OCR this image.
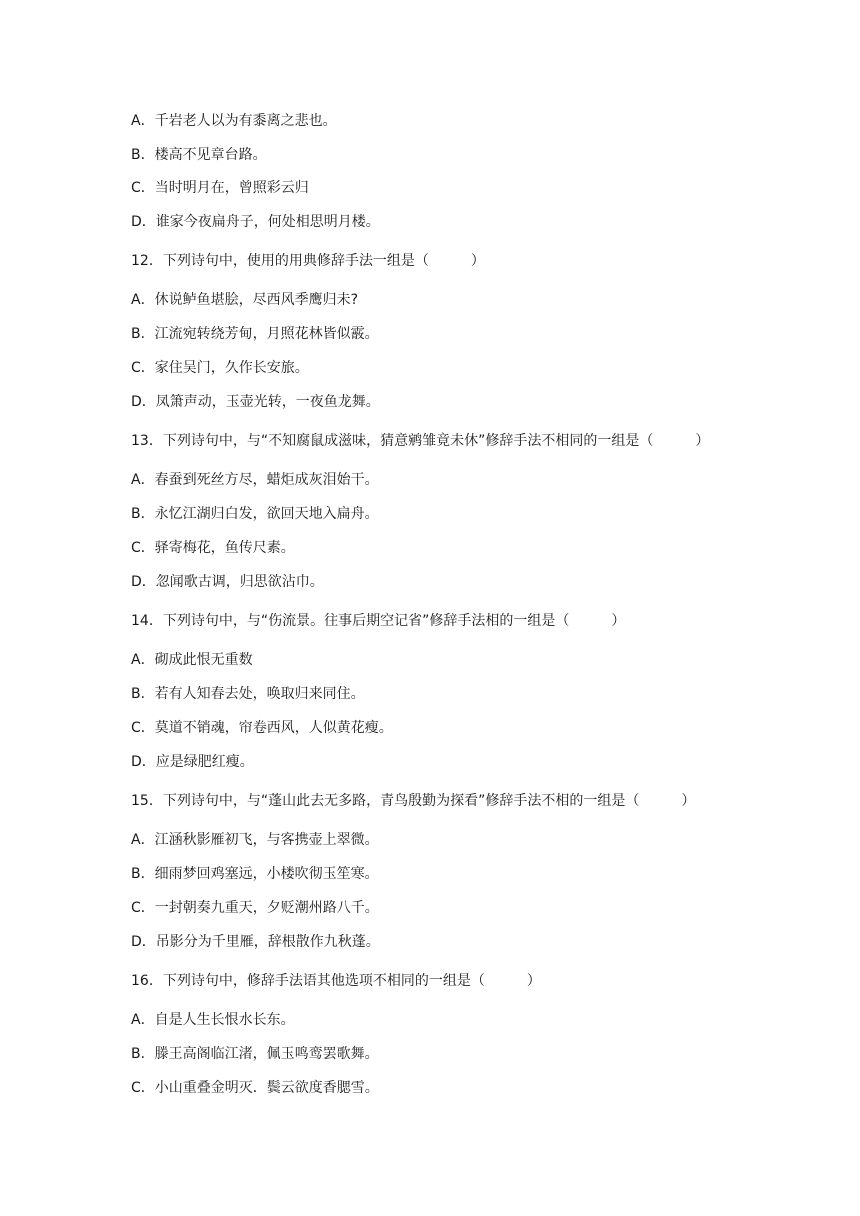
A．千岩老人以为有黍离之悲也。
B．楼高不见章台路。
C．当时明月在，曾照彩云归
D．谁家今夜扁舟子，何处相思明月楼。
12．下列诗句中，使用的用典修辞手法一组是（　　　）
A．休说鲈鱼堪脍，尽西风季鹰归未?
B．江流宛转绕芳甸，月照花林皆似霰。
C．家住吴门，久作长安旅。
D．凤箫声动，玉壶光转，一夜鱼龙舞。
13．下列诗句中，与“不知腐鼠成滋味，猜意鹓雏竟未休”修辞手法不相同的一组是（　　　）
A．春蚕到死丝方尽，蜡炬成灰泪始干。
B．永忆江湖归白发，欲回天地入扁舟。
C．驿寄梅花，鱼传尺素。
D．忽闻歌古调，归思欲沾巾。
14．下列诗句中，与“伤流景。往事后期空记省”修辞手法相的一组是（　　　）
A．砌成此恨无重数
B．若有人知春去处，唤取归来同住。
C．莫道不销魂，帘卷西风，人似黄花瘦。
D．应是绿肥红瘦。
15．下列诗句中，与“蓬山此去无多路，青鸟殷勤为探看”修辞手法不相的一组是（　　　）
A．江涵秋影雁初飞，与客携壶上翠微。
B．细雨梦回鸡塞远，小楼吹彻玉笙寒。
C．一封朝奏九重天，夕贬潮州路八千。
D．吊影分为千里雁，辞根散作九秋蓬。
16．下列诗句中，修辞手法语其他选项不相同的一组是（　　　）
A．自是人生长恨水长东。
B．滕王高阁临江渚，佩玉鸣鸾罢歌舞。
C．小山重叠金明灭．鬓云欲度香腮雪。
